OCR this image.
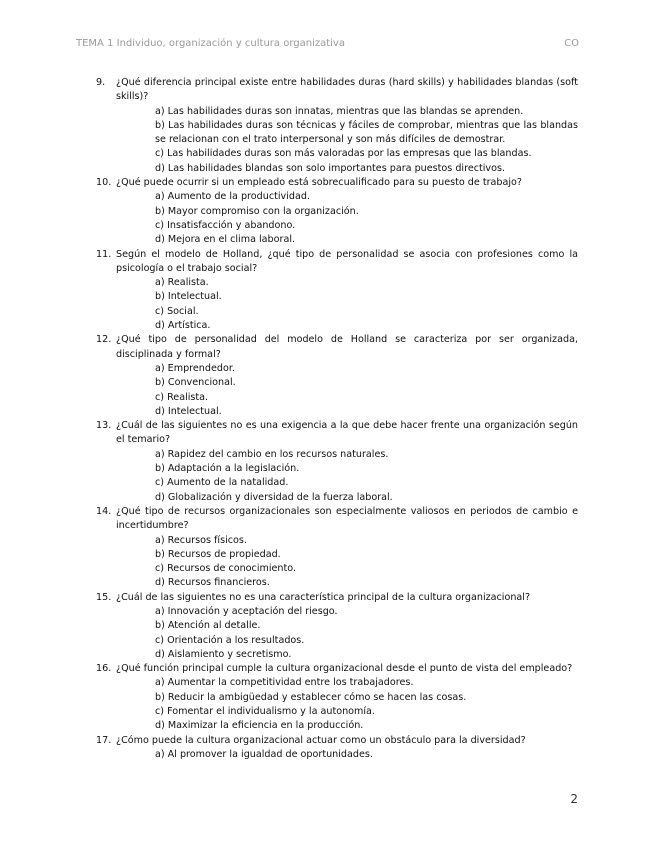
TEMA 1 Individuo, organización y cultura organizativa	CO
9.	¿Qué diferencia principal existe entre habilidades duras (hard skills) y habilidades blandas (soft skills)?
a) Las habilidades duras son innatas, mientras que las blandas se aprenden.
b) Las habilidades duras son técnicas y fáciles de comprobar, mientras que las blandas se relacionan con el trato interpersonal y son más difíciles de demostrar.
c) Las habilidades duras son más valoradas por las empresas que las blandas.
d) Las habilidades blandas son solo importantes para puestos directivos.
10. ¿Qué puede ocurrir si un empleado está sobrecualificado para su puesto de trabajo?
a) Aumento de la productividad.
b) Mayor compromiso con la organización.
c) Insatisfacción y abandono.
d) Mejora en el clima laboral.
11. Según el modelo de Holland, ¿qué tipo de personalidad se asocia con profesiones como la psicología o el trabajo social?
a) Realista.
b) Intelectual.
c) Social.
d) Artística.
12. ¿Qué tipo de personalidad del modelo de Holland se caracteriza por ser organizada, disciplinada y formal?
a) Emprendedor.
b) Convencional.
c) Realista.
d) Intelectual.
13. ¿Cuál de las siguientes no es una exigencia a la que debe hacer frente una organización según el temario?
a) Rapidez del cambio en los recursos naturales.
b) Adaptación a la legislación.
c) Aumento de la natalidad.
d) Globalización y diversidad de la fuerza laboral.
14. ¿Qué tipo de recursos organizacionales son especialmente valiosos en periodos de cambio e incertidumbre?
a) Recursos físicos.
b) Recursos de propiedad.
c) Recursos de conocimiento.
d) Recursos financieros.
15. ¿Cuál de las siguientes no es una característica principal de la cultura organizacional?
a) Innovación y aceptación del riesgo.
b) Atención al detalle.
c) Orientación a los resultados.
d) Aislamiento y secretismo.
16. ¿Qué función principal cumple la cultura organizacional desde el punto de vista del empleado?
a) Aumentar la competitividad entre los trabajadores.
b) Reducir la ambigüedad y establecer cómo se hacen las cosas.
c) Fomentar el individualismo y la autonomía.
d) Maximizar la eficiencia en la producción.
17. ¿Cómo puede la cultura organizacional actuar como un obstáculo para la diversidad?
a) Al promover la igualdad de oportunidades.
2
